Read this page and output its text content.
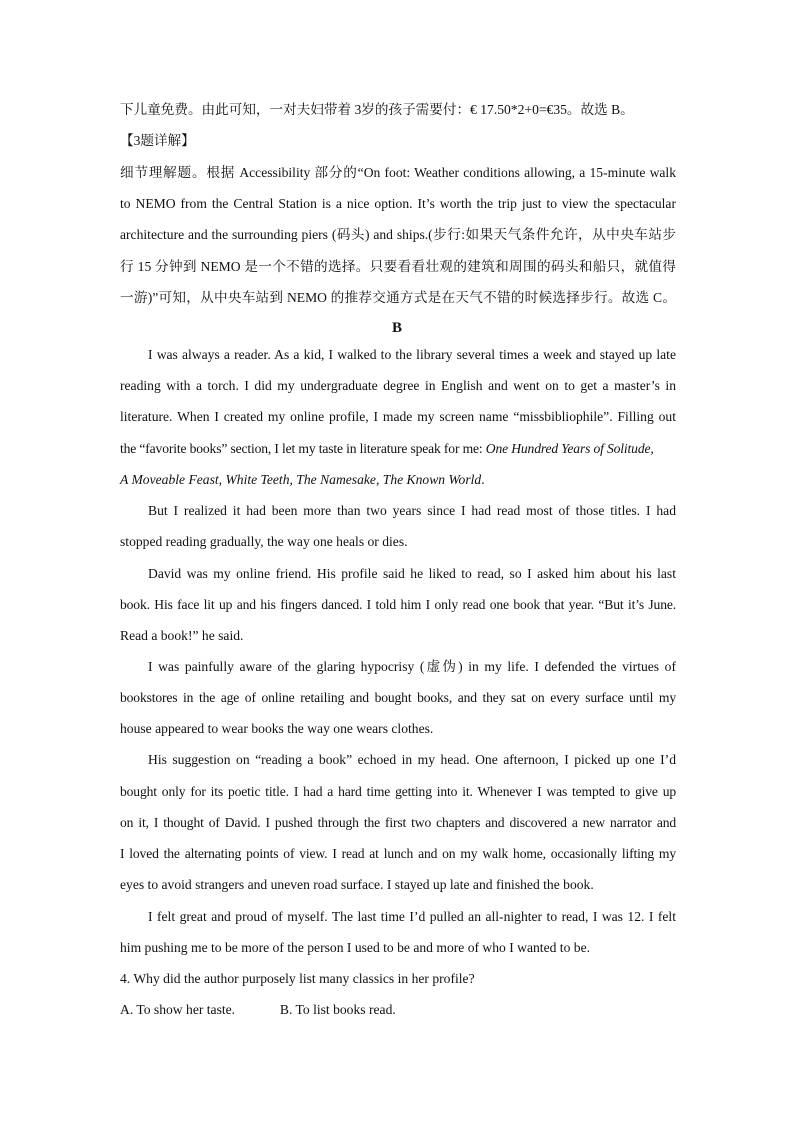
下儿童免费。由此可知，一对夫妇带着 3岁的孩子需要付：€ 17.50*2+0=€35。故选 B。
【3题详解】
细节理解题。根据 Accessibility 部分的“On foot: Weather conditions allowing, a 15-minute walk
to NEMO from the Central Station is a nice option. It’s worth the trip just to view the spectacular
architecture and the surrounding piers (码头) and ships.(步行:如果天气条件允许，从中央车站步
行 15 分钟到 NEMO 是一个不错的选择。只要看看壮观的建筑和周围的码头和船只，就值得
一游)”可知，从中央车站到 NEMO 的推荐交通方式是在天气不错的时候选择步行。故选 C。
B
I was always a reader. As a kid, I walked to the library several times a week and stayed up late
reading with a torch. I did my undergraduate degree in English and went on to get a master’s in
literature. When I created my online profile, I made my screen name “missbibliophile”. Filling out
the “favorite books” section, I let my taste in literature speak for me: One Hundred Years of Solitude,
A Moveable Feast, White Teeth, The Namesake, The Known World.
But I realized it had been more than two years since I had read most of those titles. I had
stopped reading gradually, the way one heals or dies.
David was my online friend. His profile said he liked to read, so I asked him about his last
book. His face lit up and his fingers danced. I told him I only read one book that year. “But it’s June.
Read a book!” he said.
I was painfully aware of the glaring hypocrisy (虚伪) in my life. I defended the virtues of
bookstores in the age of online retailing and bought books, and they sat on every surface until my
house appeared to wear books the way one wears clothes.
His suggestion on “reading a book” echoed in my head. One afternoon, I picked up one I’d
bought only for its poetic title. I had a hard time getting into it. Whenever I was tempted to give up
on it, I thought of David. I pushed through the first two chapters and discovered a new narrator and
I loved the alternating points of view. I read at lunch and on my walk home, occasionally lifting my
eyes to avoid strangers and uneven road surface. I stayed up late and finished the book.
I felt great and proud of myself. The last time I’d pulled an all-nighter to read, I was 12. I felt
him pushing me to be more of the person I used to be and more of who I wanted to be.
4. Why did the author purposely list many classics in her profile?
A. To show her taste.	B. To list books read.
